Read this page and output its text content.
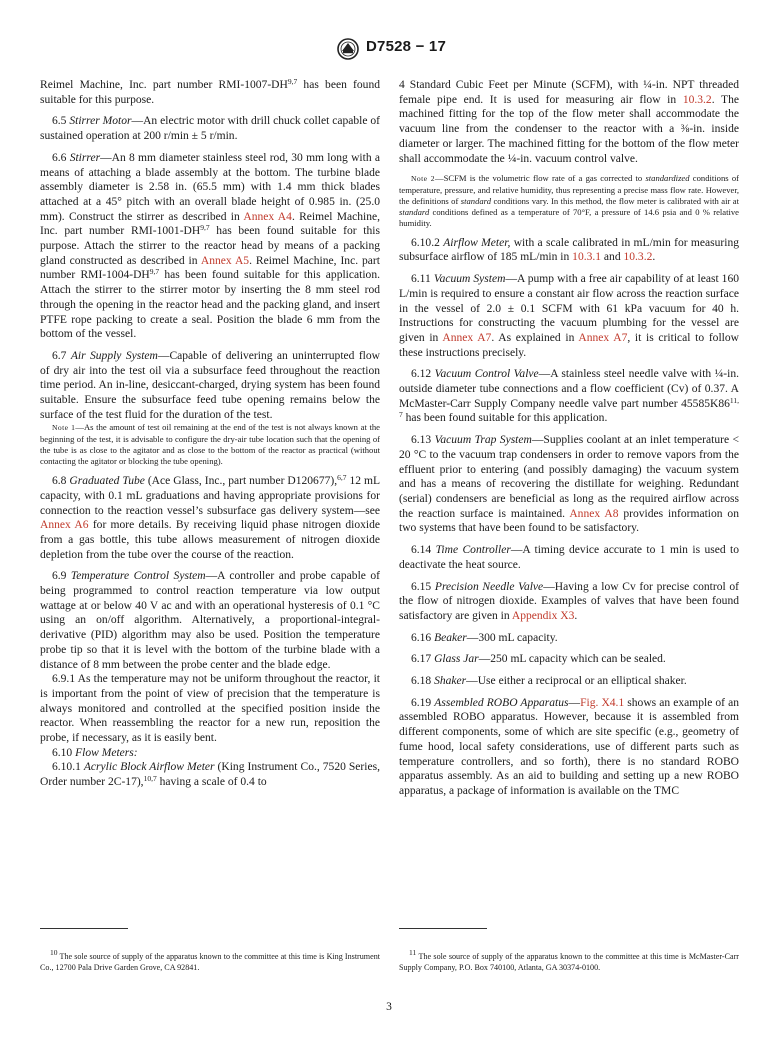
D7528 − 17

Reimel Machine, Inc. part number RMI-1007-DH$^{9,7}$ has been found suitable for this purpose.

6.5 Stirrer Motor—An electric motor with drill chuck collet capable of sustained operation at 200 r/min ± 5 r/min.

6.6 Stirrer—An 8 mm diameter stainless steel rod, 30 mm long with a means of attaching a blade assembly at the bottom. The turbine blade assembly diameter is 2.58 in. (65.5 mm) with 1.4 mm thick blades attached at a 45° pitch with an overall blade height of 0.985 in. (25.0 mm). Construct the stirrer as described in Annex A4. Reimel Machine, Inc. part number RMI-1001-DH$^{9,7}$ has been found suitable for this purpose. Attach the stirrer to the reactor head by means of a packing gland constructed as described in Annex A5. Reimel Machine, Inc. part number RMI-1004-DH$^{9,7}$ has been found suitable for this application. Attach the stirrer to the stirrer motor by inserting the 8 mm steel rod through the opening in the reactor head and the packing gland, and insert PTFE rope packing to create a seal. Position the blade 6 mm from the bottom of the vessel.

6.7 Air Supply System—Capable of delivering an uninterrupted flow of dry air into the test oil via a subsurface feed throughout the reaction time period. An in-line, desiccant-charged, drying system has been found suitable. Ensure the subsurface feed tube opening remains below the surface of the test fluid for the duration of the test.

Note 1—As the amount of test oil remaining at the end of the test is not always known at the beginning of the test, it is advisable to configure the dry-air tube location such that the opening of the tube is as close to the agitator and as close to the bottom of the reactor as practical (without contacting the agitator or blocking the tube opening).

6.8 Graduated Tube (Ace Glass, Inc., part number D120677),$^{6,7}$ 12 mL capacity, with 0.1 mL graduations and having appropriate provisions for connection to the reaction vessel’s subsurface gas delivery system—see Annex A6 for more details. By receiving liquid phase nitrogen dioxide from a gas bottle, this tube allows measurement of nitrogen dioxide depletion from the tube over the course of the reaction.

6.9 Temperature Control System—A controller and probe capable of being programmed to control reaction temperature via low output wattage at or below 40 V ac and with an operational hysteresis of 0.1 °C using an on/off algorithm. Alternatively, a proportional-integral-derivative (PID) algorithm may also be used. Position the temperature probe tip so that it is level with the bottom of the turbine blade with a distance of 8 mm between the probe center and the blade edge.

6.9.1 As the temperature may not be uniform throughout the reactor, it is important from the point of view of precision that the temperature is always monitored and controlled at the specified position inside the reactor. When reassembling the reactor for a new run, reposition the probe, if necessary, as it is easily bent.

6.10 Flow Meters:

6.10.1 Acrylic Block Airflow Meter (King Instrument Co., 7520 Series, Order number 2C-17),$^{10,7}$ having a scale of 0.4 to

4 Standard Cubic Feet per Minute (SCFM), with ¼-in. NPT threaded female pipe end. It is used for measuring air flow in 10.3.2. The machined fitting for the top of the flow meter shall accommodate the vacuum line from the condenser to the reactor with a ⅜-in. inside diameter or larger. The machined fitting for the bottom of the flow meter shall accommodate the ¼-in. vacuum control valve.

Note 2—SCFM is the volumetric flow rate of a gas corrected to standardized conditions of temperature, pressure, and relative humidity, thus representing a precise mass flow rate. However, the definitions of standard conditions vary. In this method, the flow meter is calibrated with air at standard conditions defined as a temperature of 70°F, a pressure of 14.6 psia and 0 % relative humidity.

6.10.2 Airflow Meter, with a scale calibrated in mL/min for measuring subsurface airflow of 185 mL/min in 10.3.1 and 10.3.2.

6.11 Vacuum System—A pump with a free air capability of at least 160 L/min is required to ensure a constant air flow across the reaction surface in the vessel of 2.0 ± 0.1 SCFM with 61 kPa vacuum for 40 h. Instructions for constructing the vacuum plumbing for the vessel are given in Annex A7. As explained in Annex A7, it is critical to follow these instructions precisely.

6.12 Vacuum Control Valve—A stainless steel needle valve with ¼-in. outside diameter tube connections and a flow coefficient (Cv) of 0.37. A McMaster-Carr Supply Company needle valve part number 45585K86$^{11, 7}$ has been found suitable for this application.

6.13 Vacuum Trap System—Supplies coolant at an inlet temperature < 20 °C to the vacuum trap condensers in order to remove vapors from the effluent prior to entering (and possibly damaging) the vacuum system and has a means of recovering the distillate for weighing. Redundant (serial) condensers are beneficial as long as the required airflow across the reaction surface is maintained. Annex A8 provides information on two systems that have been found to be satisfactory.

6.14 Time Controller—A timing device accurate to 1 min is used to deactivate the heat source.

6.15 Precision Needle Valve—Having a low Cv for precise control of the flow of nitrogen dioxide. Examples of valves that have been found satisfactory are given in Appendix X3.

6.16 Beaker—300 mL capacity.

6.17 Glass Jar—250 mL capacity which can be sealed.

6.18 Shaker—Use either a reciprocal or an elliptical shaker.

6.19 Assembled ROBO Apparatus—Fig. X4.1 shows an example of an assembled ROBO apparatus. However, because it is assembled from different components, some of which are site specific (e.g., geometry of fume hood, local safety considerations, use of different parts such as temperature controllers, and so forth), there is no standard ROBO apparatus assembly. As an aid to building and setting up a new ROBO apparatus, a package of information is available on the TMC

$^{10}$ The sole source of supply of the apparatus known to the committee at this time is King Instrument Co., 12700 Pala Drive Garden Grove, CA 92841.
$^{11}$ The sole source of supply of the apparatus known to the committee at this time is McMaster-Carr Supply Company, P.O. Box 740100, Atlanta, GA 30374-0100.
3
